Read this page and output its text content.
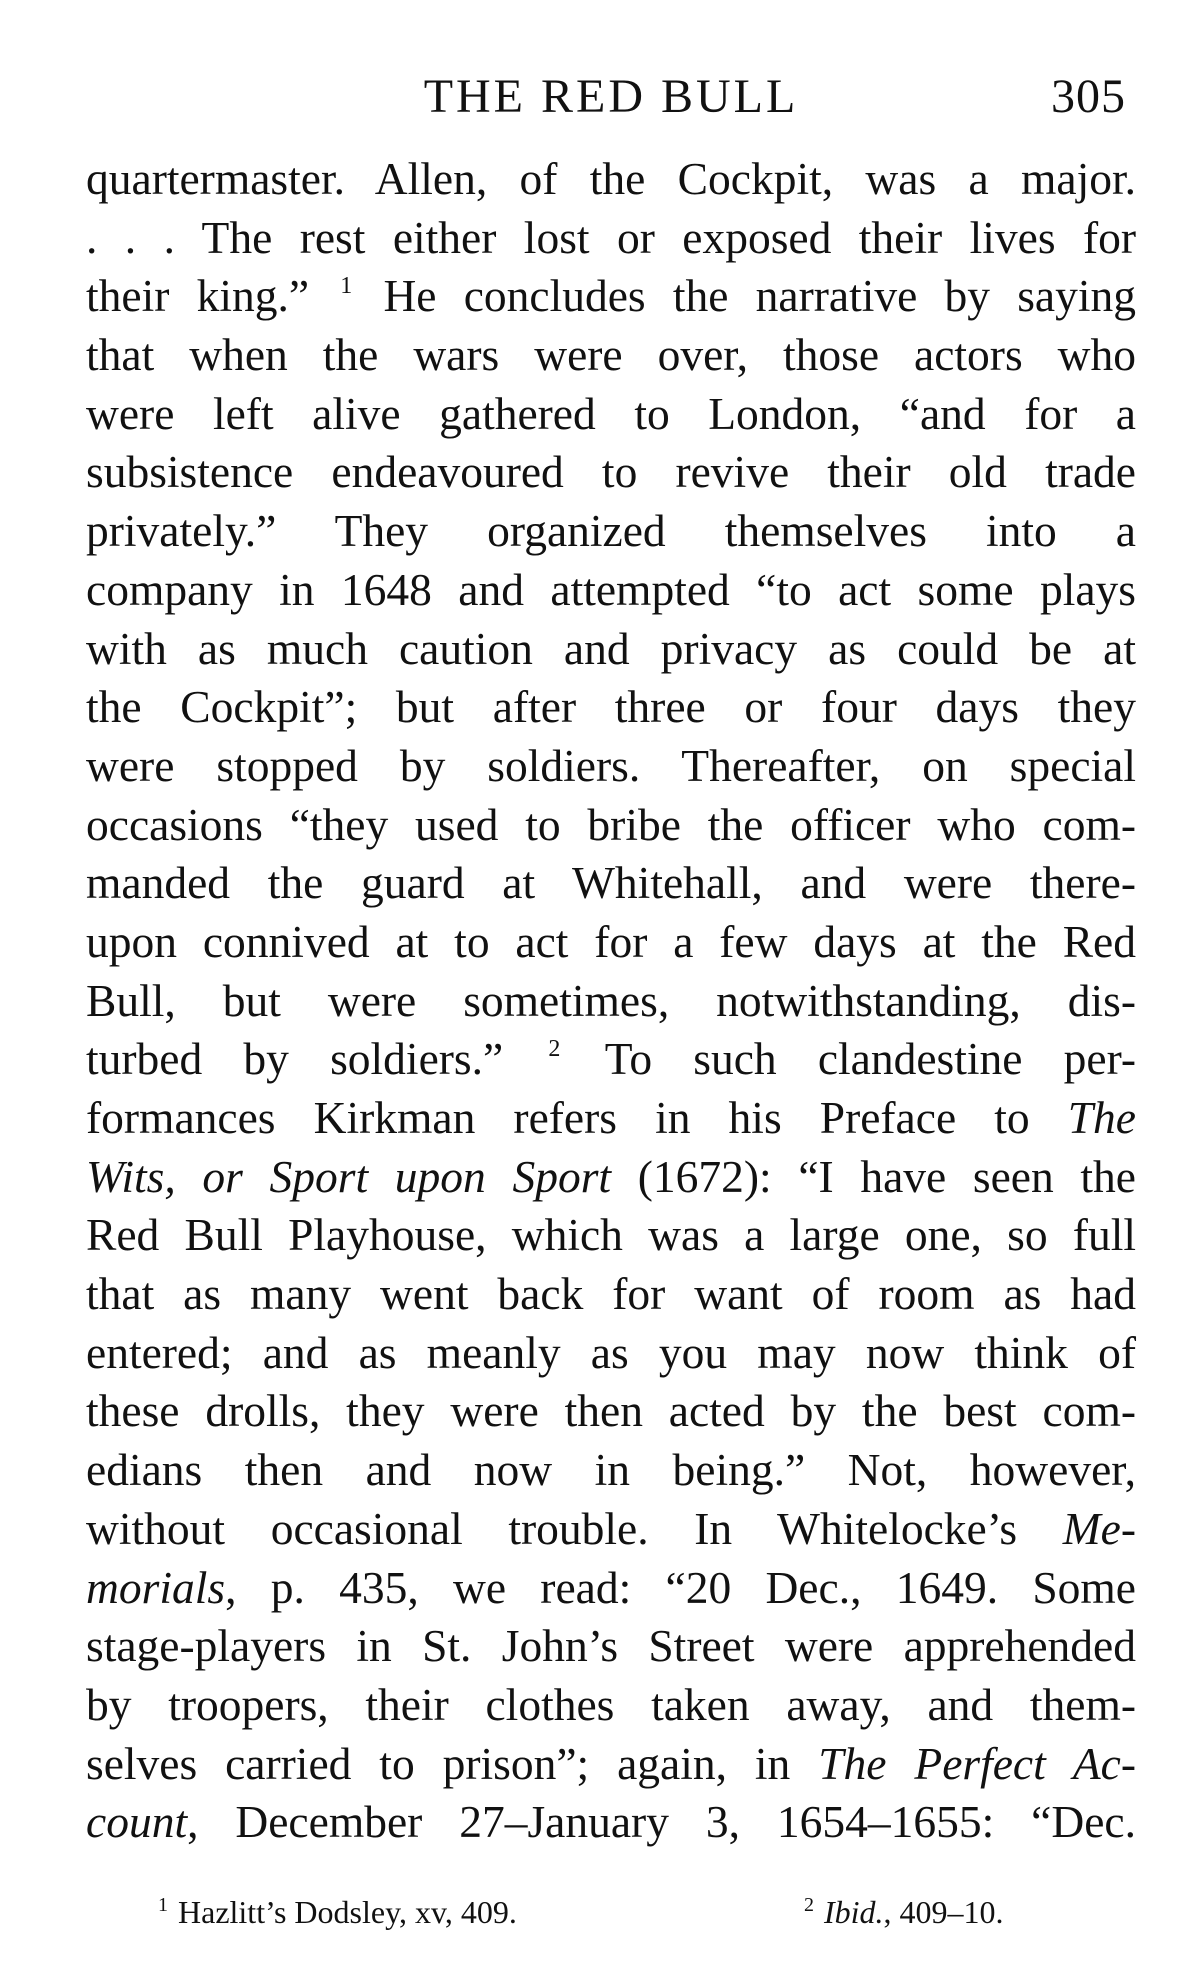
THE RED BULL	305
quartermaster. Allen, of the Cockpit, was a major.
. . . The rest either lost or exposed their lives for
their king.” $^1$ He concludes the narrative by saying
that when the wars were over, those actors who
were left alive gathered to London, “and for a
subsistence endeavoured to revive their old trade
privately.” They organized themselves into a
company in 1648 and attempted “to act some plays
with as much caution and privacy as could be at
the Cockpit”; but after three or four days they
were stopped by soldiers. Thereafter, on special
occasions “they used to bribe the officer who com-
manded the guard at Whitehall, and were there-
upon connived at to act for a few days at the Red
Bull, but were sometimes, notwithstanding, dis-
turbed by soldiers.” $^2$ To such clandestine per-
formances Kirkman refers in his Preface to The
Wits, or Sport upon Sport (1672): “I have seen the
Red Bull Playhouse, which was a large one, so full
that as many went back for want of room as had
entered; and as meanly as you may now think of
these drolls, they were then acted by the best com-
edians then and now in being.” Not, however,
without occasional trouble. In Whitelocke’s Me-
morials, p. 435, we read: “20 Dec., 1649. Some
stage-players in St. John’s Street were apprehended
by troopers, their clothes taken away, and them-
selves carried to prison”; again, in The Perfect Ac-
count, December 27–January 3, 1654–1655: “Dec.
$^1$ Hazlitt’s Dodsley, xv, 409.	$^2$ Ibid., 409–10.
